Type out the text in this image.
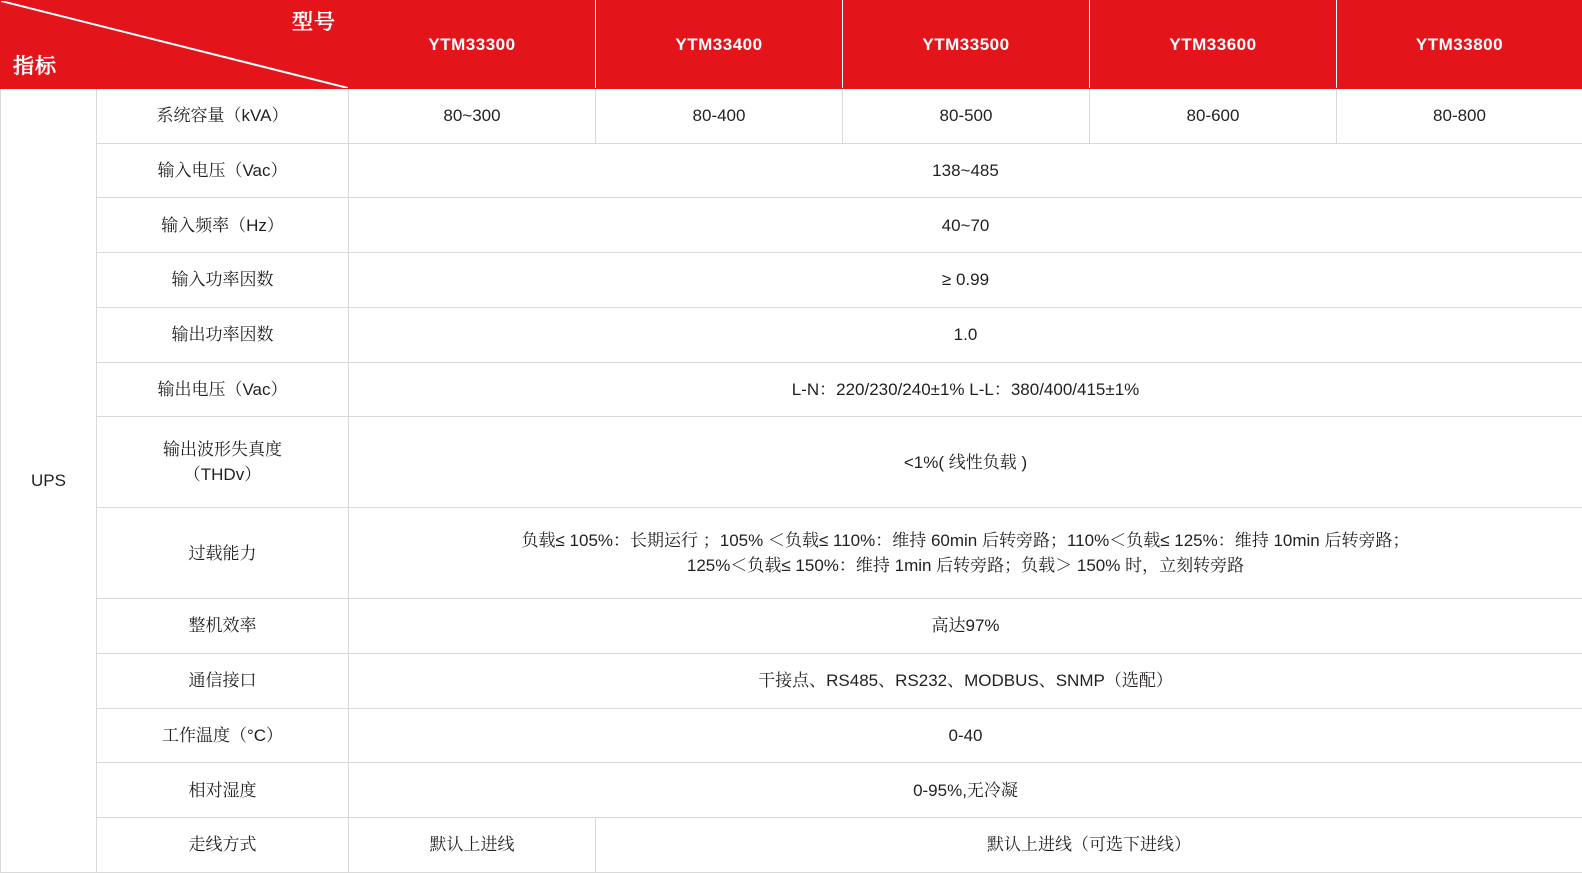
型号
指标		YTM33300	YTM33400	YTM33500	YTM33600	YTM33800
UPS	系统容量（kVA）	80~300	80-400	80-500	80-600	80-800
	输入电压（Vac）	138~485				
	输入频率（Hz）	40~70				
	输入功率因数	≥ 0.99				
	输出功率因数	1.0				
	输出电压（Vac）	L-N：220/230/240±1% L-L：380/400/415±1%				

	输出波形失真度
（THDv）	<1%( 线性负载 )				
	过载能力	负载≤ 105%：长期运行 ；105% ＜负载≤ 110%：维持 60min 后转旁路；110%＜负载≤ 125%：维持 10min 后转旁路；
125%＜负载≤ 150%：维持 1min 后转旁路；负载＞ 150% 时，立刻转旁路				

	整机效率	高达97%				
	通信接口	干接点、RS485、RS232、MODBUS、SNMP（选配）				
	工作温度（°C）	0-40				
	相对湿度	0-95%,无冷凝				
	走线方式	默认上进线	默认上进线（可选下进线）			
